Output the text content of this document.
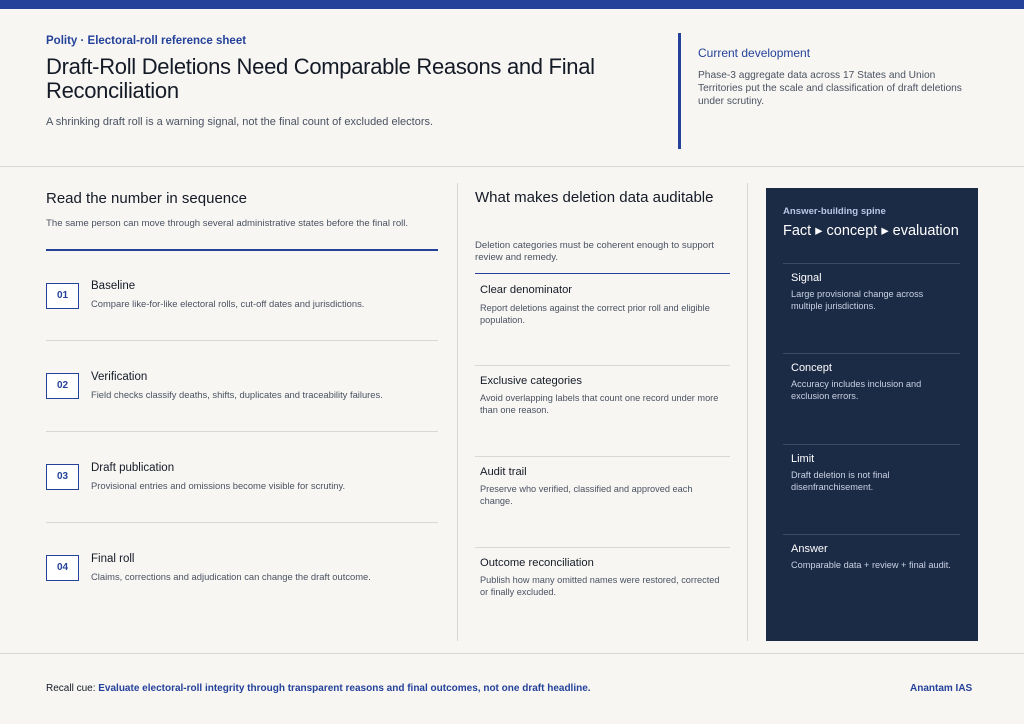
Polity · Electoral-roll reference sheet
Draft-Roll Deletions Need Comparable Reasons and Final Reconciliation
A shrinking draft roll is a warning signal, not the final count of excluded electors.
Current development
Phase-3 aggregate data across 17 States and Union Territories put the scale and classification of draft deletions under scrutiny.
Read the number in sequence
The same person can move through several administrative states before the final roll.
01
Baseline
Compare like-for-like electoral rolls, cut-off dates and jurisdictions.
02
Verification
Field checks classify deaths, shifts, duplicates and traceability failures.
03
Draft publication
Provisional entries and omissions become visible for scrutiny.
04
Final roll
Claims, corrections and adjudication can change the draft outcome.
What makes deletion data auditable
Deletion categories must be coherent enough to support review and remedy.
Clear denominator
Report deletions against the correct prior roll and eligible population.
Exclusive categories
Avoid overlapping labels that count one record under more than one reason.
Audit trail
Preserve who verified, classified and approved each change.
Outcome reconciliation
Publish how many omitted names were restored, corrected or finally excluded.
Answer-building spine
Fact ▸ concept ▸ evaluation
Signal
Large provisional change across multiple jurisdictions.
Concept
Accuracy includes inclusion and exclusion errors.
Limit
Draft deletion is not final disenfranchisement.
Answer
Comparable data + review + final audit.
Recall cue: Evaluate electoral-roll integrity through transparent reasons and final outcomes, not one draft headline.	Anantam IAS
